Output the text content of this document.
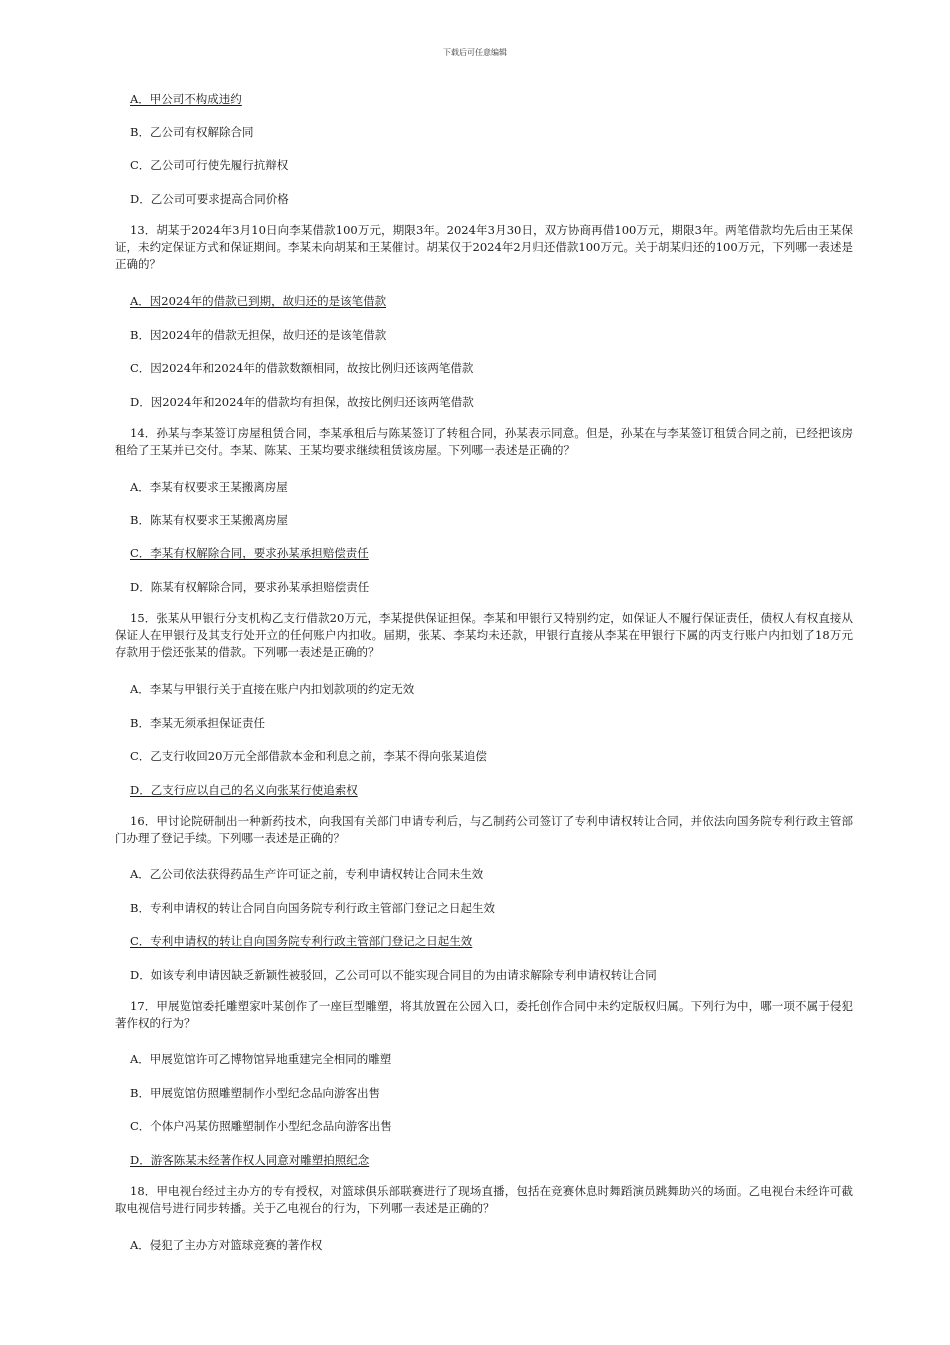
下载后可任意编辑
A．甲公司不构成违约
B．乙公司有权解除合同
C．乙公司可行使先履行抗辩权
D．乙公司可要求提高合同价格
13．胡某于2024年3月10日向李某借款100万元，期限3年。2024年3月30日，双方协商再借100万元，期限3年。两笔借款均先后由王某保证，未约定保证方式和保证期间。李某未向胡某和王某催讨。胡某仅于2024年2月归还借款100万元。关于胡某归还的100万元，下列哪一表述是正确的？
A．因2024年的借款已到期，故归还的是该笔借款
B．因2024年的借款无担保，故归还的是该笔借款
C．因2024年和2024年的借款数额相同，故按比例归还该两笔借款
D．因2024年和2024年的借款均有担保，故按比例归还该两笔借款
14．孙某与李某签订房屋租赁合同，李某承租后与陈某签订了转租合同，孙某表示同意。但是，孙某在与李某签订租赁合同之前，已经把该房租给了王某并已交付。李某、陈某、王某均要求继续租赁该房屋。下列哪一表述是正确的？
A．李某有权要求王某搬离房屋
B．陈某有权要求王某搬离房屋
C．李某有权解除合同，要求孙某承担赔偿责任
D．陈某有权解除合同，要求孙某承担赔偿责任
15．张某从甲银行分支机构乙支行借款20万元，李某提供保证担保。李某和甲银行又特别约定，如保证人不履行保证责任，债权人有权直接从保证人在甲银行及其支行处开立的任何账户内扣收。届期，张某、李某均未还款，甲银行直接从李某在甲银行下属的丙支行账户内扣划了18万元存款用于偿还张某的借款。下列哪一表述是正确的？
A．李某与甲银行关于直接在账户内扣划款项的约定无效
B．李某无须承担保证责任
C．乙支行收回20万元全部借款本金和利息之前，李某不得向张某追偿
D．乙支行应以自己的名义向张某行使追索权
16．甲讨论院研制出一种新药技术，向我国有关部门申请专利后，与乙制药公司签订了专利申请权转让合同，并依法向国务院专利行政主管部门办理了登记手续。下列哪一表述是正确的？
A．乙公司依法获得药品生产许可证之前，专利申请权转让合同未生效
B．专利申请权的转让合同自向国务院专利行政主管部门登记之日起生效
C．专利申请权的转让自向国务院专利行政主管部门登记之日起生效
D．如该专利申请因缺乏新颖性被驳回，乙公司可以不能实现合同目的为由请求解除专利申请权转让合同
17．甲展览馆委托雕塑家叶某创作了一座巨型雕塑，将其放置在公园入口，委托创作合同中未约定版权归属。下列行为中，哪一项不属于侵犯著作权的行为？
A．甲展览馆许可乙博物馆异地重建完全相同的雕塑
B．甲展览馆仿照雕塑制作小型纪念品向游客出售
C．个体户冯某仿照雕塑制作小型纪念品向游客出售
D．游客陈某未经著作权人同意对雕塑拍照纪念
18．甲电视台经过主办方的专有授权，对篮球俱乐部联赛进行了现场直播，包括在竞赛休息时舞蹈演员跳舞助兴的场面。乙电视台未经许可截取电视信号进行同步转播。关于乙电视台的行为，下列哪一表述是正确的？
A．侵犯了主办方对篮球竞赛的著作权
